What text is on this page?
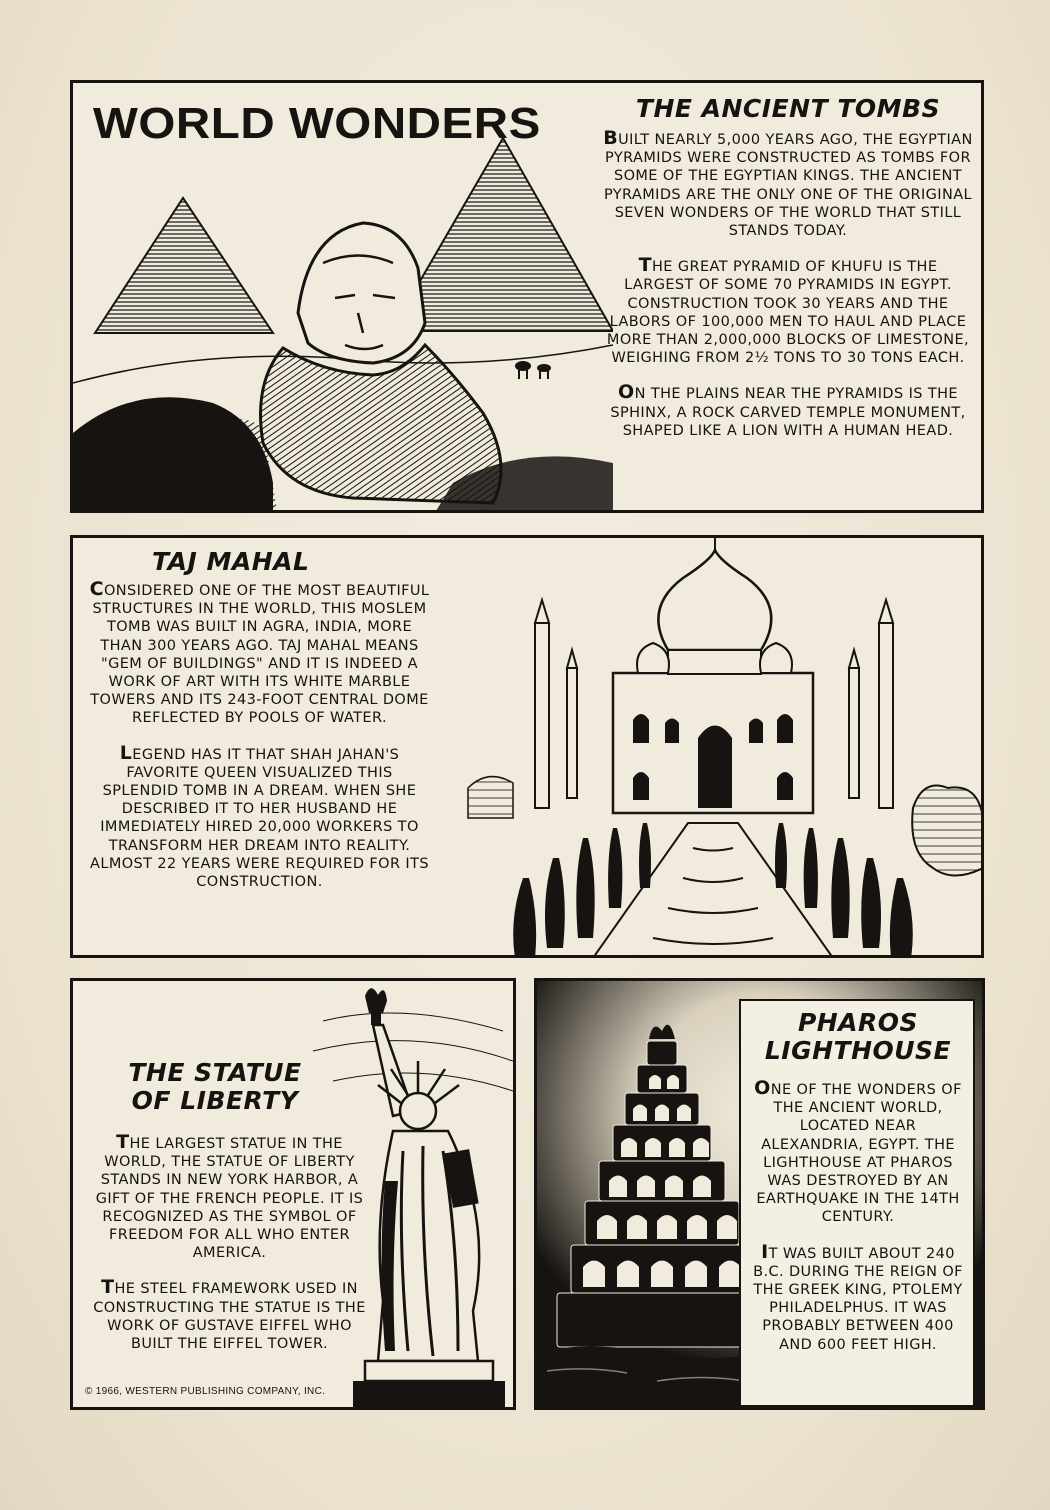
WORLD WONDERS	THE ANCIENT TOMBS

BUILT NEARLY 5,000 YEARS AGO, THE EGYPTIAN PYRAMIDS WERE CONSTRUCTED AS TOMBS FOR SOME OF THE EGYPTIAN KINGS. THE ANCIENT PYRAMIDS ARE THE ONLY ONE OF THE ORIGINAL SEVEN WONDERS OF THE WORLD THAT STILL STANDS TODAY.

THE GREAT PYRAMID OF KHUFU IS THE LARGEST OF SOME 70 PYRAMIDS IN EGYPT. CONSTRUCTION TOOK 30 YEARS AND THE LABORS OF 100,000 MEN TO HAUL AND PLACE MORE THAN 2,000,000 BLOCKS OF LIMESTONE, WEIGHING FROM 2½ TONS TO 30 TONS EACH.

ON THE PLAINS NEAR THE PYRAMIDS IS THE SPHINX, A ROCK CARVED TEMPLE MONUMENT, SHAPED LIKE A LION WITH A HUMAN HEAD.

TAJ MAHAL

CONSIDERED ONE OF THE MOST BEAUTIFUL STRUCTURES IN THE WORLD, THIS MOSLEM TOMB WAS BUILT IN AGRA, INDIA, MORE THAN 300 YEARS AGO. TAJ MAHAL MEANS "GEM OF BUILDINGS" AND IT IS INDEED A WORK OF ART WITH ITS WHITE MARBLE TOWERS AND ITS 243-FOOT CENTRAL DOME REFLECTED BY POOLS OF WATER.

LEGEND HAS IT THAT SHAH JAHAN'S FAVORITE QUEEN VISUALIZED THIS SPLENDID TOMB IN A DREAM. WHEN SHE DESCRIBED IT TO HER HUSBAND HE IMMEDIATELY HIRED 20,000 WORKERS TO TRANSFORM HER DREAM INTO REALITY. ALMOST 22 YEARS WERE REQUIRED FOR ITS CONSTRUCTION.

THE STATUE OF LIBERTY

THE LARGEST STATUE IN THE WORLD, THE STATUE OF LIBERTY STANDS IN NEW YORK HARBOR, A GIFT OF THE FRENCH PEOPLE. IT IS RECOGNIZED AS THE SYMBOL OF FREEDOM FOR ALL WHO ENTER AMERICA.

THE STEEL FRAMEWORK USED IN CONSTRUCTING THE STATUE IS THE WORK OF GUSTAVE EIFFEL WHO BUILT THE EIFFEL TOWER.

© 1966, WESTERN PUBLISHING COMPANY, INC.
PHAROS LIGHTHOUSE

ONE OF THE WONDERS OF THE ANCIENT WORLD, LOCATED NEAR ALEXANDRIA, EGYPT. THE LIGHTHOUSE AT PHAROS WAS DESTROYED BY AN EARTHQUAKE IN THE 14TH CENTURY.

IT WAS BUILT ABOUT 240 B.C. DURING THE REIGN OF THE GREEK KING, PTOLEMY PHILADELPHUS. IT WAS PROBABLY BETWEEN 400 AND 600 FEET HIGH.
